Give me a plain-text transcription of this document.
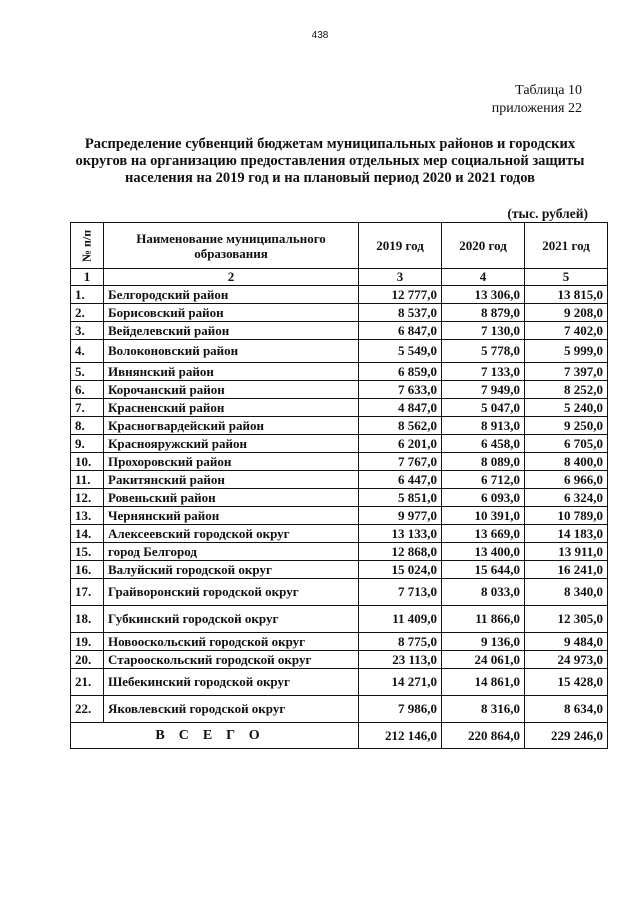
438
Таблица 10
приложения 22

Распределение субвенций бюджетам муниципальных районов и городских округов на организацию предоставления отдельных мер социальной защиты населения на 2019 год и на плановый период 2020 и 2021 годов

(тыс. рублей)
№ п/п	Наименование муниципального образования	2019 год	2020 год	2021 год
1	2	3	4	5
1.	Белгородский район	12 777,0	13 306,0	13 815,0
2.	Борисовский район	8 537,0	8 879,0	9 208,0
3.	Вейделевский район	6 847,0	7 130,0	7 402,0
4.	Волоконовский район	5 549,0	5 778,0	5 999,0
5.	Ивнянский район	6 859,0	7 133,0	7 397,0
6.	Корочанский район	7 633,0	7 949,0	8 252,0
7.	Красненский район	4 847,0	5 047,0	5 240,0
8.	Красногвардейский район	8 562,0	8 913,0	9 250,0
9.	Краснояружский район	6 201,0	6 458,0	6 705,0
10.	Прохоровский район	7 767,0	8 089,0	8 400,0
11.	Ракитянский район	6 447,0	6 712,0	6 966,0
12.	Ровеньский район	5 851,0	6 093,0	6 324,0
13.	Чернянский район	9 977,0	10 391,0	10 789,0
14.	Алексеевский городской округ	13 133,0	13 669,0	14 183,0
15.	город Белгород	12 868,0	13 400,0	13 911,0
16.	Валуйский городской округ	15 024,0	15 644,0	16 241,0
17.	Грайворонский городской округ	7 713,0	8 033,0	8 340,0
18.	Губкинский городской округ	11 409,0	11 866,0	12 305,0
19.	Новооскольский городской округ	8 775,0	9 136,0	9 484,0
20.	Старооскольский городской округ	23 113,0	24 061,0	24 973,0
21.	Шебекинский городской округ	14 271,0	14 861,0	15 428,0
22.	Яковлевский городской округ	7 986,0	8 316,0	8 634,0
ВСЕГО		212 146,0	220 864,0	229 246,0
